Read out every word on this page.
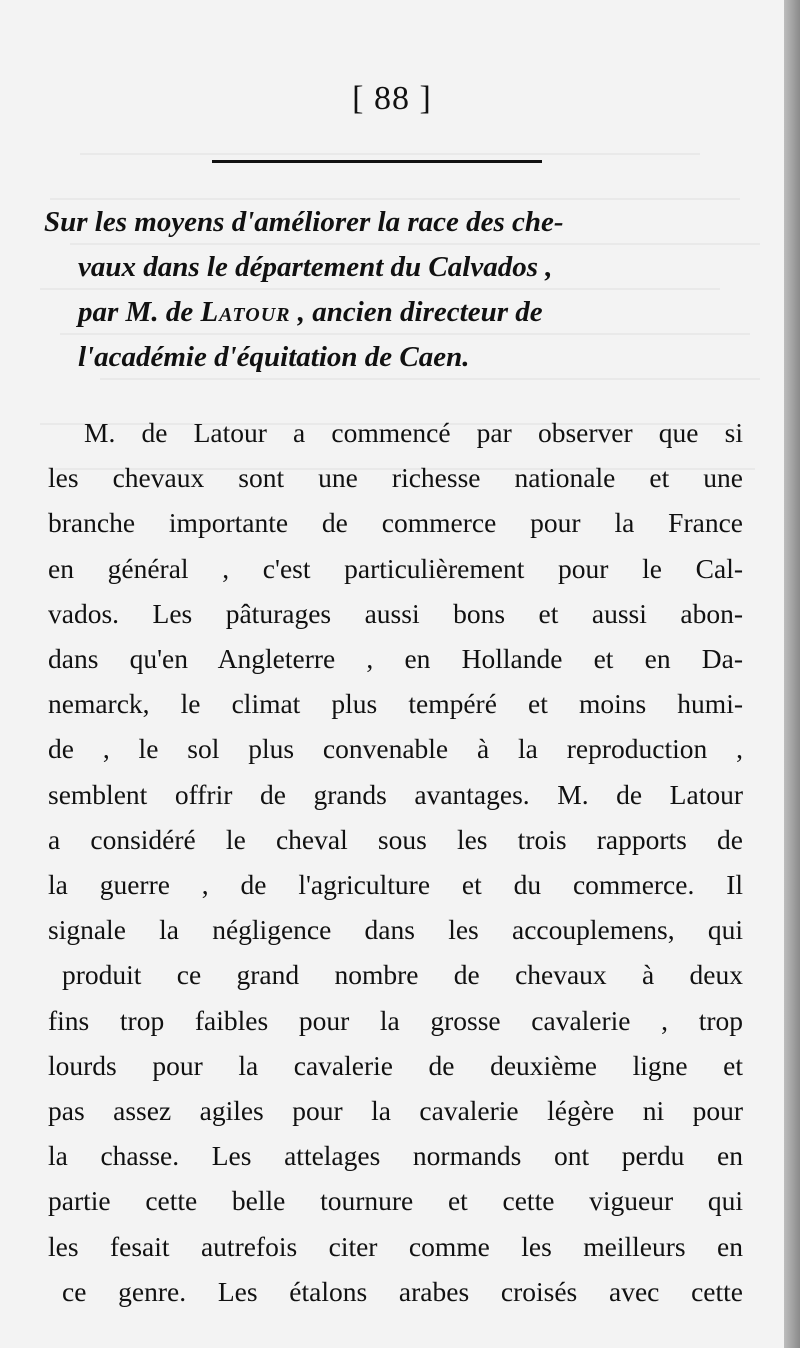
[ 88 ]
Sur les moyens d'améliorer la race des che-
vaux dans le département du Calvados ,
par M. de Latour , ancien directeur de
l'académie d'équitation de Caen.
M. de Latour a commencé par observer que si
les chevaux sont une richesse nationale et une
branche importante de commerce pour la France
en général , c'est particulièrement pour le Cal-
vados. Les pâturages aussi bons et aussi abon-
dans qu'en Angleterre , en Hollande et en Da-
nemarck, le climat plus tempéré et moins humi-
de , le sol plus convenable à la reproduction ,
semblent offrir de grands avantages. M. de Latour
a considéré le cheval sous les trois rapports de
la guerre , de l'agriculture et du commerce. Il
signale la négligence dans les accouplemens, qui
produit ce grand nombre de chevaux à deux
fins trop faibles pour la grosse cavalerie , trop
lourds pour la cavalerie de deuxième ligne et
pas assez agiles pour la cavalerie légère ni pour
la chasse. Les attelages normands ont perdu en
partie cette belle tournure et cette vigueur qui
les fesait autrefois citer comme les meilleurs en
ce genre. Les étalons arabes croisés avec cette
